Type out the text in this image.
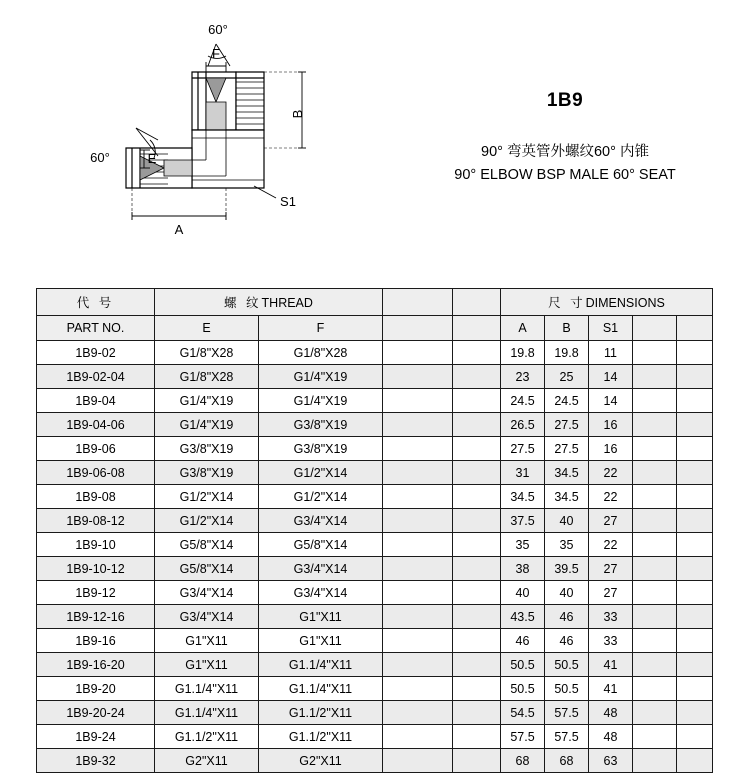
60°
60°
F
E
A
B
S1
1B9
90° 弯英管外螺纹60° 内锥
90° ELBOW BSP MALE 60° SEAT
代 号	螺 纹THREAD				尺 寸DIMENSIONS				
PART NO.	E	F			A	B	S1		
1B9-02	G1/8"X28	G1/8"X28			19.8	19.8	11		
1B9-02-04	G1/8"X28	G1/4"X19			23	25	14		
1B9-04	G1/4"X19	G1/4"X19			24.5	24.5	14		
1B9-04-06	G1/4"X19	G3/8"X19			26.5	27.5	16		
1B9-06	G3/8"X19	G3/8"X19			27.5	27.5	16		
1B9-06-08	G3/8"X19	G1/2"X14			31	34.5	22		
1B9-08	G1/2"X14	G1/2"X14			34.5	34.5	22		
1B9-08-12	G1/2"X14	G3/4"X14			37.5	40	27		
1B9-10	G5/8"X14	G5/8"X14			35	35	22		
1B9-10-12	G5/8"X14	G3/4"X14			38	39.5	27		
1B9-12	G3/4"X14	G3/4"X14			40	40	27		
1B9-12-16	G3/4"X14	G1"X11			43.5	46	33		
1B9-16	G1"X11	G1"X11			46	46	33		
1B9-16-20	G1"X11	G1.1/4"X11			50.5	50.5	41		
1B9-20	G1.1/4"X11	G1.1/4"X11			50.5	50.5	41		
1B9-20-24	G1.1/4"X11	G1.1/2"X11			54.5	57.5	48		
1B9-24	G1.1/2"X11	G1.1/2"X11			57.5	57.5	48		
1B9-32	G2"X11	G2"X11			68	68	63		
